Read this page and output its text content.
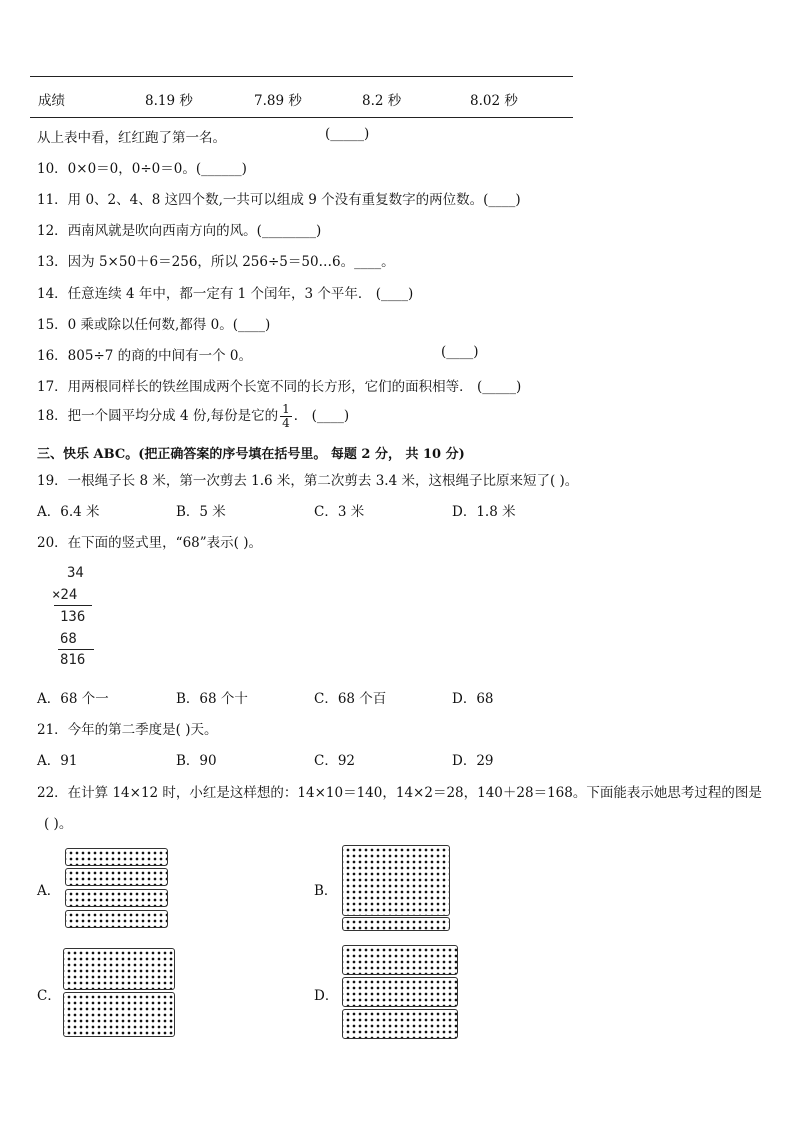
成绩	8.19 秒	7.89 秒	8.2 秒	8.02 秒
从上表中看，红红跑了第一名。	(_____)
10．0×0＝0，0÷0＝0。(______)
11．用 0、2、4、8 这四个数,一共可以组成 9 个没有重复数字的两位数。(____)
12．西南风就是吹向西南方向的风。(________)
13．因为 5×50＋6＝256，所以 256÷5＝50…6。____。
14．任意连续 4 年中，都一定有 1 个闰年，3 个平年． (____)
15．0 乘或除以任何数,都得 0。(____)
16．805÷7 的商的中间有一个 0。	(____)
17．用两根同样长的铁丝围成两个长宽不同的长方形，它们的面积相等． (_____)
18．把一个圆平均分成 4 份,每份是它的 $\frac{1}{4}$ ． (____)
三、快乐 ABC。(把正确答案的序号填在括号里。 每题 2 分， 共 10 分)
19．一根绳子长 8 米，第一次剪去 1.6 米，第二次剪去 3.4 米，这根绳子比原来短了( )。
A．6.4 米	B．5 米	C．3 米	D．1.8 米
20．在下面的竖式里，“68”表示( )。
34
×24
136
68
816
A．68 个一	B．68 个十	C．68 个百	D．68
21．今年的第二季度是( )天。
A．91	B．90	C．92	D．29
22．在计算 14×12 时，小红是这样想的：14×10＝140，14×2＝28，140＋28＝168。下面能表示她思考过程的图是
( )。
A．	B．
C．	D．
